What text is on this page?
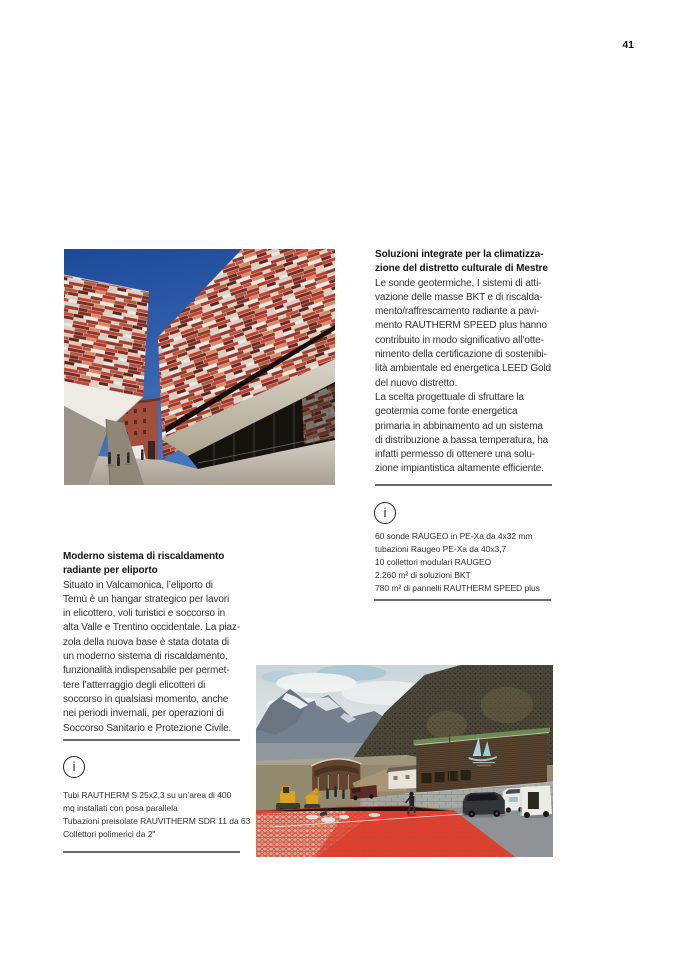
41
Soluzioni integrate per la climatizza-
zione del distretto culturale di Mestre

Le sonde geotermiche, I sistemi di atti-
vazione delle masse BKT e di riscalda-
mento/raffrescamento radiante a pavi-
mento RAUTHERM SPEED plus hanno
contribuito in modo significativo all’otte-
nimento della certificazione di sostenibi-
lità ambientale ed energetica LEED Gold
del nuovo distretto.
La scelta progettuale di sfruttare la
geotermia come fonte energetica
primaria in abbinamento ad un sistema
di distribuzione a bassa temperatura, ha
infatti permesso di ottenere una solu-
zione impiantistica altamente efficiente.

i
60 sonde RAUGEO in PE-Xa da 4x32 mm
tubazioni Raugeo PE-Xa da 40x3,7
10 collettori modulari RAUGEO
2.260 m² di soluzioni BKT
780 m² di pannelli RAUTHERM SPEED plus
Moderno sistema di riscaldamento
radiante per eliporto

Situato in Valcamonica, l’eliporto di
Temù è un hangar strategico per lavori
in elicottero, voli turistici e soccorso in
alta Valle e Trentino occidentale. La piaz-
zola della nuova base è stata dotata di
un moderno sistema di riscaldamento,
funzionalità indispensabile per permet-
tere l’atterraggio degli elicotteri di
soccorso in qualsiasi momento, anche
nei periodi invernali, per operazioni di
Soccorso Sanitario e Protezione Civile.

i
Tubi RAUTHERM S 25x2,3 su un’area di 400
mq installati con posa parallela
Tubazioni preisolate RAUVITHERM SDR 11 da 63
Collettori polimerici da 2"
